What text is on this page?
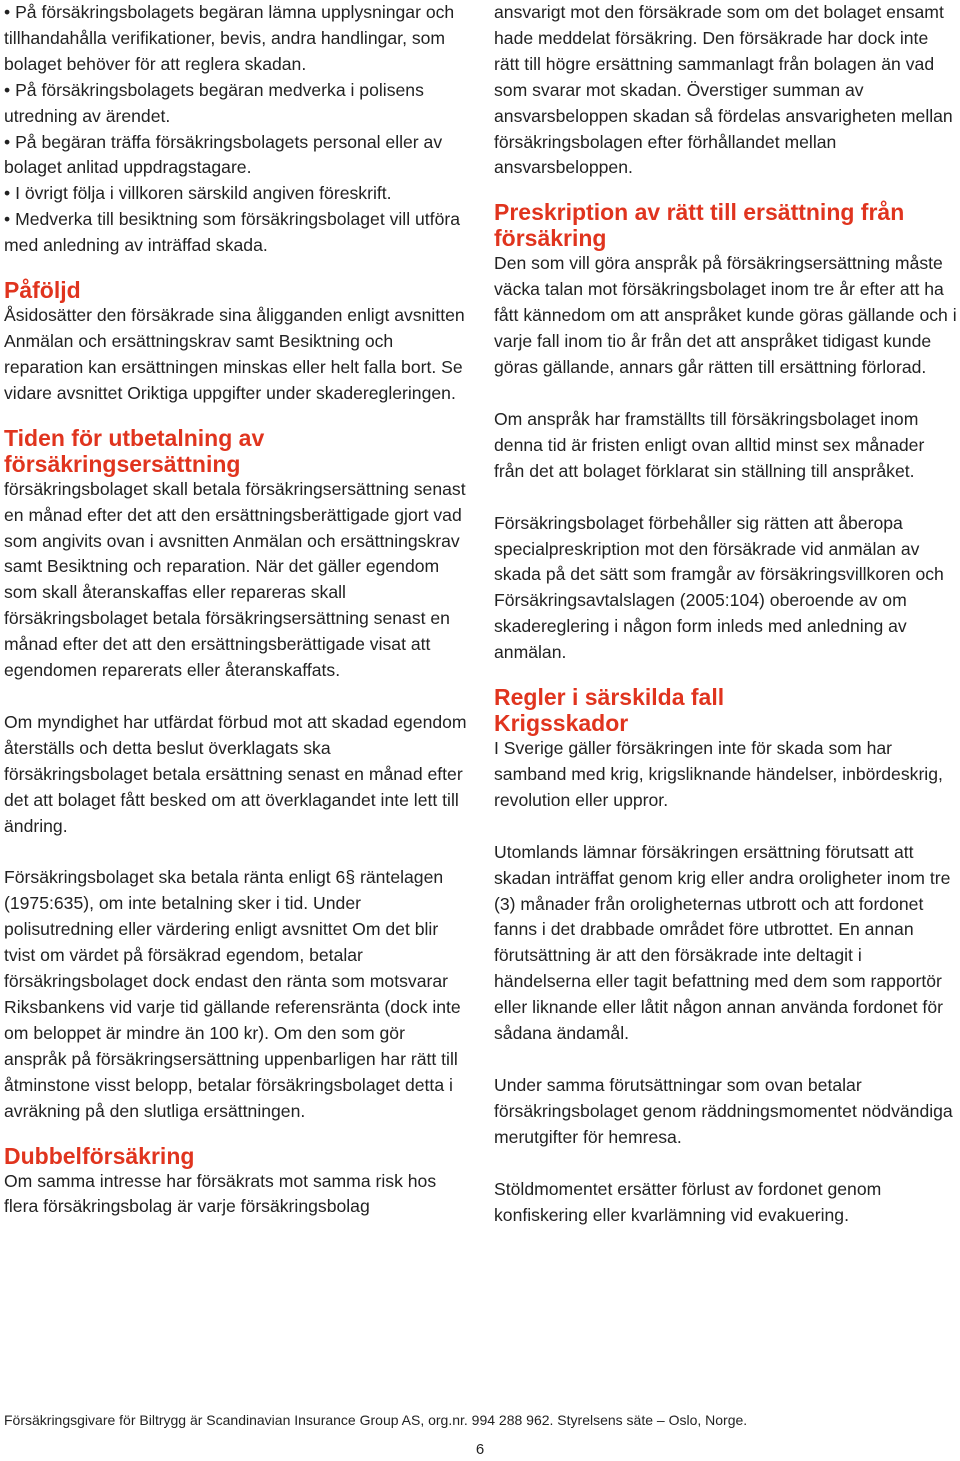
• På försäkringsbolagets begäran lämna upplysningar och tillhandahålla verifikationer, bevis, andra handlingar, som bolaget behöver för att reglera skadan.
• På försäkringsbolagets begäran medverka i polisens utredning av ärendet.
• På begäran träffa försäkringsbolagets personal eller av bolaget anlitad uppdragstagare.
• I övrigt följa i villkoren särskild angiven föreskrift.
• Medverka till besiktning som försäkringsbolaget vill utföra med anledning av inträffad skada.
Påföljd

Åsidosätter den försäkrade sina åligganden enligt avsnitten Anmälan och ersättningskrav samt Besiktning och reparation kan ersättningen minskas eller helt falla bort. Se vidare avsnittet Oriktiga uppgifter under skaderegleringen.

Tiden för utbetalning av försäkringsersättning

försäkringsbolaget skall betala försäkringsersättning senast en månad efter det att den ersättningsberättigade gjort vad som angivits ovan i avsnitten Anmälan och ersättningskrav samt Besiktning och reparation. När det gäller egendom som skall återanskaffas eller repareras skall försäkringsbolaget betala försäkringsersättning senast en månad efter det att den ersättningsberättigade visat att egendomen reparerats eller återanskaffats.

Om myndighet har utfärdat förbud mot att skadad egendom återställs och detta beslut överklagats ska försäkringsbolaget betala ersättning senast en månad efter det att bolaget fått besked om att överklagandet inte lett till ändring.

Försäkringsbolaget ska betala ränta enligt 6§ räntelagen (1975:635), om inte betalning sker i tid. Under polisutredning eller värdering enligt avsnittet Om det blir tvist om värdet på försäkrad egendom, betalar försäkringsbolaget dock endast den ränta som motsvarar Riksbankens vid varje tid gällande referensränta (dock inte om beloppet är mindre än 100 kr). Om den som gör anspråk på försäkringsersättning uppenbarligen har rätt till åtminstone visst belopp, betalar försäkringsbolaget detta i avräkning på den slutliga ersättningen.

Dubbelförsäkring

Om samma intresse har försäkrats mot samma risk hos flera försäkringsbolag är varje försäkringsbolag

ansvarigt mot den försäkrade som om det bolaget ensamt hade meddelat försäkring. Den försäkrade har dock inte rätt till högre ersättning sammanlagt från bolagen än vad som svarar mot skadan. Överstiger summan av ansvarsbeloppen skadan så fördelas ansvarigheten mellan försäkringsbolagen efter förhållandet mellan ansvarsbeloppen.

Preskription av rätt till ersättning från försäkring

Den som vill göra anspråk på försäkringsersättning måste väcka talan mot försäkringsbolaget inom tre år efter att ha fått kännedom om att anspråket kunde göras gällande och i varje fall inom tio år från det att anspråket tidigast kunde göras gällande, annars går rätten till ersättning förlorad.

Om anspråk har framställts till försäkringsbolaget inom denna tid är fristen enligt ovan alltid minst sex månader från det att bolaget förklarat sin ställning till anspråket.

Försäkringsbolaget förbehåller sig rätten att åberopa specialpreskription mot den försäkrade vid anmälan av skada på det sätt som framgår av försäkringsvillkoren och Försäkringsavtalslagen (2005:104) oberoende av om skadereglering i någon form inleds med anledning av anmälan.

Regler i särskilda fall
Krigsskador

I Sverige gäller försäkringen inte för skada som har samband med krig, krigsliknande händelser, inbördeskrig, revolution eller uppror.

Utomlands lämnar försäkringen ersättning förutsatt att skadan inträffat genom krig eller andra oroligheter inom tre (3) månader från oroligheternas utbrott och att fordonet fanns i det drabbade området före utbrottet. En annan förutsättning är att den försäkrade inte deltagit i händelserna eller tagit befattning med dem som rapportör eller liknande eller låtit någon annan använda fordonet för sådana ändamål.

Under samma förutsättningar som ovan betalar försäkringsbolaget genom räddningsmomentet nödvändiga merutgifter för hemresa.

Stöldmomentet ersätter förlust av fordonet genom konfiskering eller kvarlämning vid evakuering.

Försäkringsgivare för Biltrygg är Scandinavian Insurance Group AS, org.nr. 994 288 962. Styrelsens säte – Oslo, Norge.
6
